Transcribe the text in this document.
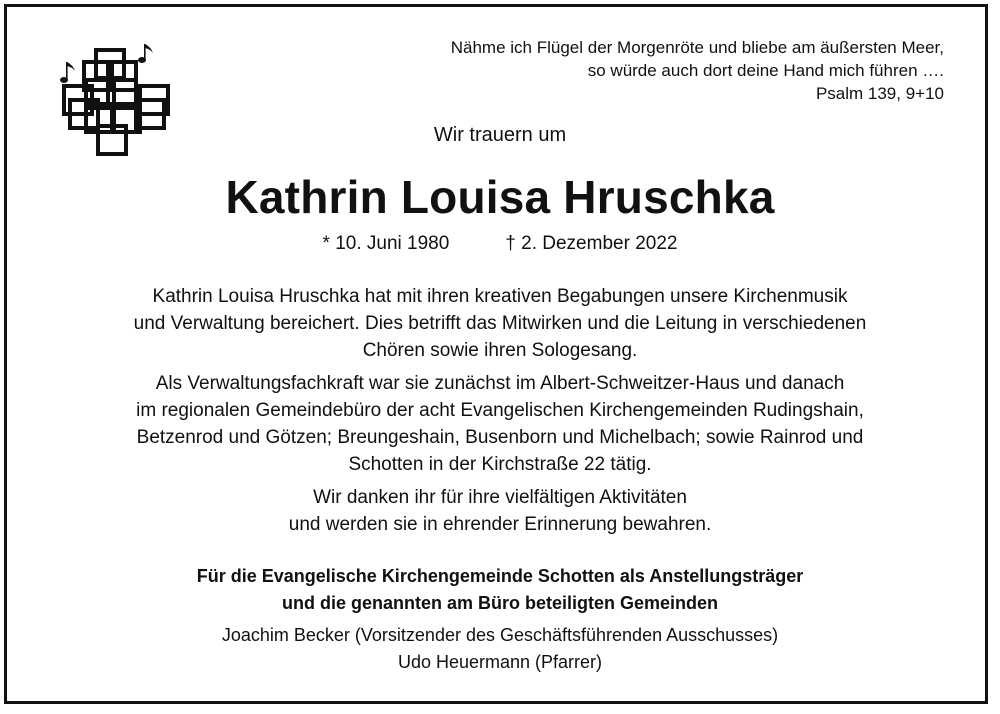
Nähme ich Flügel der Morgenröte und bliebe am äußersten Meer,
so würde auch dort deine Hand mich führen ….
Psalm 139, 9+10
Wir trauern um
Kathrin Louisa Hruschka
* 10. Juni 1980	† 2. Dezember 2022
Kathrin Louisa Hruschka hat mit ihren kreativen Begabungen unsere Kirchenmusik
und Verwaltung bereichert. Dies betrifft das Mitwirken und die Leitung in verschiedenen
Chören sowie ihren Sologesang.
Als Verwaltungsfachkraft war sie zunächst im Albert-Schweitzer-Haus und danach
im regionalen Gemeindebüro der acht Evangelischen Kirchengemeinden Rudingshain,
Betzenrod und Götzen; Breungeshain, Busenborn und Michelbach; sowie Rainrod und
Schotten in der Kirchstraße 22 tätig.
Wir danken ihr für ihre vielfältigen Aktivitäten
und werden sie in ehrender Erinnerung bewahren.
Für die Evangelische Kirchengemeinde Schotten als Anstellungsträger
und die genannten am Büro beteiligten Gemeinden
Joachim Becker (Vorsitzender des Geschäftsführenden Ausschusses)
Udo Heuermann (Pfarrer)
